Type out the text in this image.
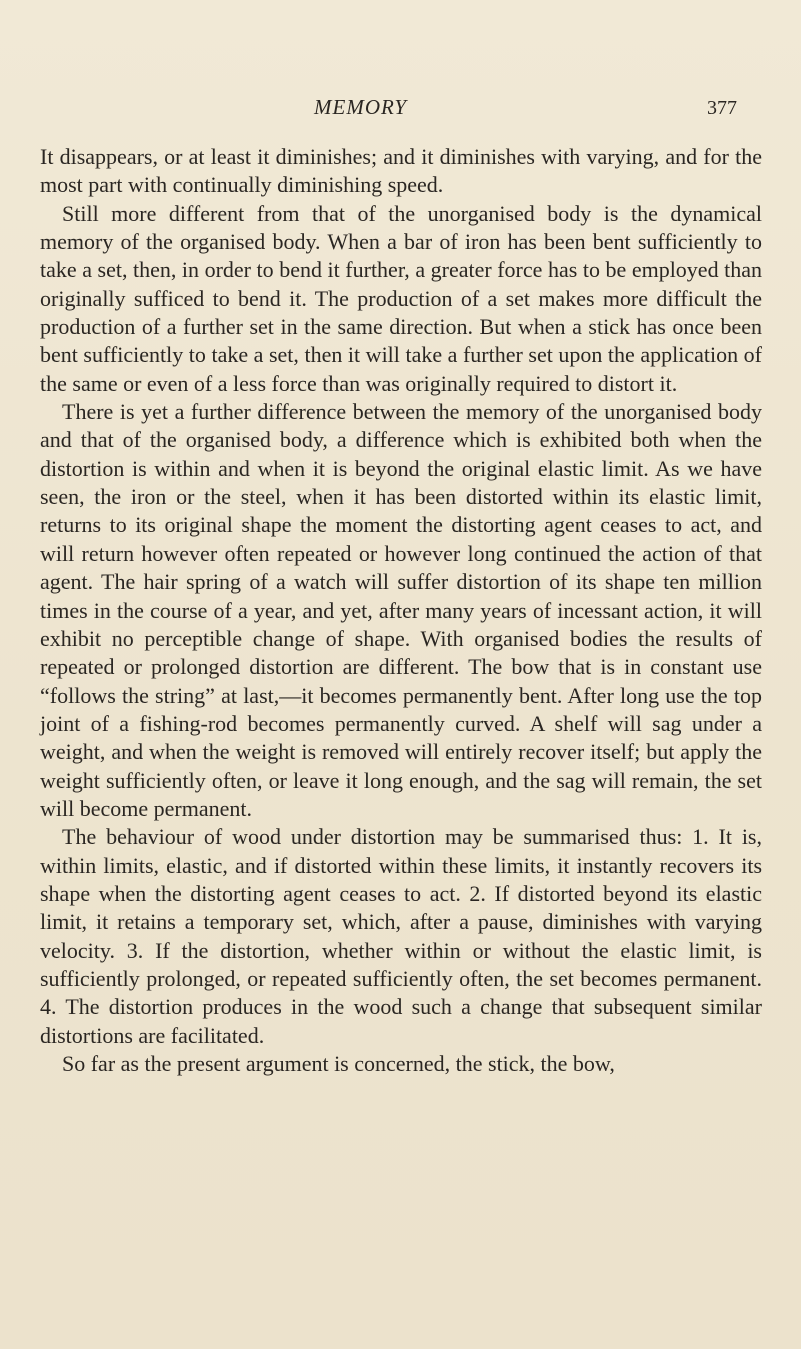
MEMORY	377

It disappears, or at least it diminishes; and it diminishes with varying, and for the most part with continually diminishing speed.

Still more different from that of the unorganised body is the dynamical memory of the organised body. When a bar of iron has been bent sufficiently to take a set, then, in order to bend it further, a greater force has to be employed than originally sufficed to bend it. The production of a set makes more difficult the production of a further set in the same direction. But when a stick has once been bent sufficiently to take a set, then it will take a further set upon the application of the same or even of a less force than was originally required to distort it.

There is yet a further difference between the memory of the unorganised body and that of the organised body, a difference which is exhibited both when the distortion is within and when it is beyond the original elastic limit. As we have seen, the iron or the steel, when it has been distorted within its elastic limit, returns to its original shape the moment the distorting agent ceases to act, and will return however often repeated or however long continued the action of that agent. The hair spring of a watch will suffer distortion of its shape ten million times in the course of a year, and yet, after many years of incessant action, it will exhibit no perceptible change of shape. With organised bodies the results of repeated or prolonged distortion are different. The bow that is in constant use “follows the string” at last,—it becomes permanently bent. After long use the top joint of a fishing-rod becomes permanently curved. A shelf will sag under a weight, and when the weight is removed will entirely recover itself; but apply the weight sufficiently often, or leave it long enough, and the sag will remain, the set will become permanent.

The behaviour of wood under distortion may be summarised thus: 1. It is, within limits, elastic, and if distorted within these limits, it instantly recovers its shape when the distorting agent ceases to act. 2. If distorted beyond its elastic limit, it retains a temporary set, which, after a pause, diminishes with varying velocity. 3. If the distortion, whether within or without the elastic limit, is sufficiently prolonged, or repeated sufficiently often, the set becomes permanent. 4. The distortion produces in the wood such a change that subsequent similar distortions are facilitated.

So far as the present argument is concerned, the stick, the bow,
